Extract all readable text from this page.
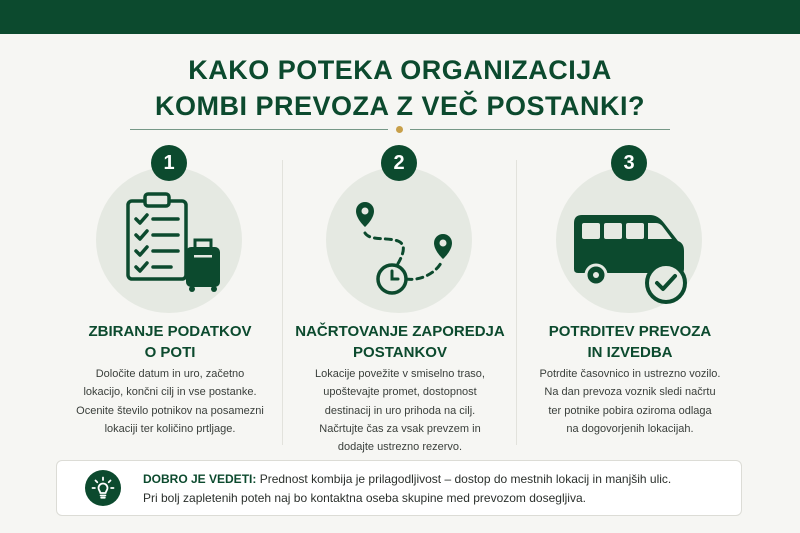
KAKO POTEKA ORGANIZACIJA
KOMBI PREVOZA Z VEČ POSTANKI?
1
ZBIRANJE PODATKOV
O POTI
Določite datum in uro, začetno
lokacijo, končni cilj in vse postanke.
Ocenite število potnikov na posamezni
lokaciji ter količino prtljage.
2
NAČRTOVANJE ZAPOREDJA
POSTANKOV
Lokacije povežite v smiselno traso,
upoštevajte promet, dostopnost
destinacij in uro prihoda na cilj.
Načrtujte čas za vsak prevzem in
dodajte ustrezno rezervo.
3
POTRDITEV PREVOZA
IN IZVEDBA
Potrdite časovnico in ustrezno vozilo.
Na dan prevoza voznik sledi načrtu
ter potnike pobira oziroma odlaga
na dogovorjenih lokacijah.
DOBRO JE VEDETI: Prednost kombija je prilagodljivost – dostop do mestnih lokacij in manjših ulic.
Pri bolj zapletenih poteh naj bo kontaktna oseba skupine med prevozom dosegljiva.
